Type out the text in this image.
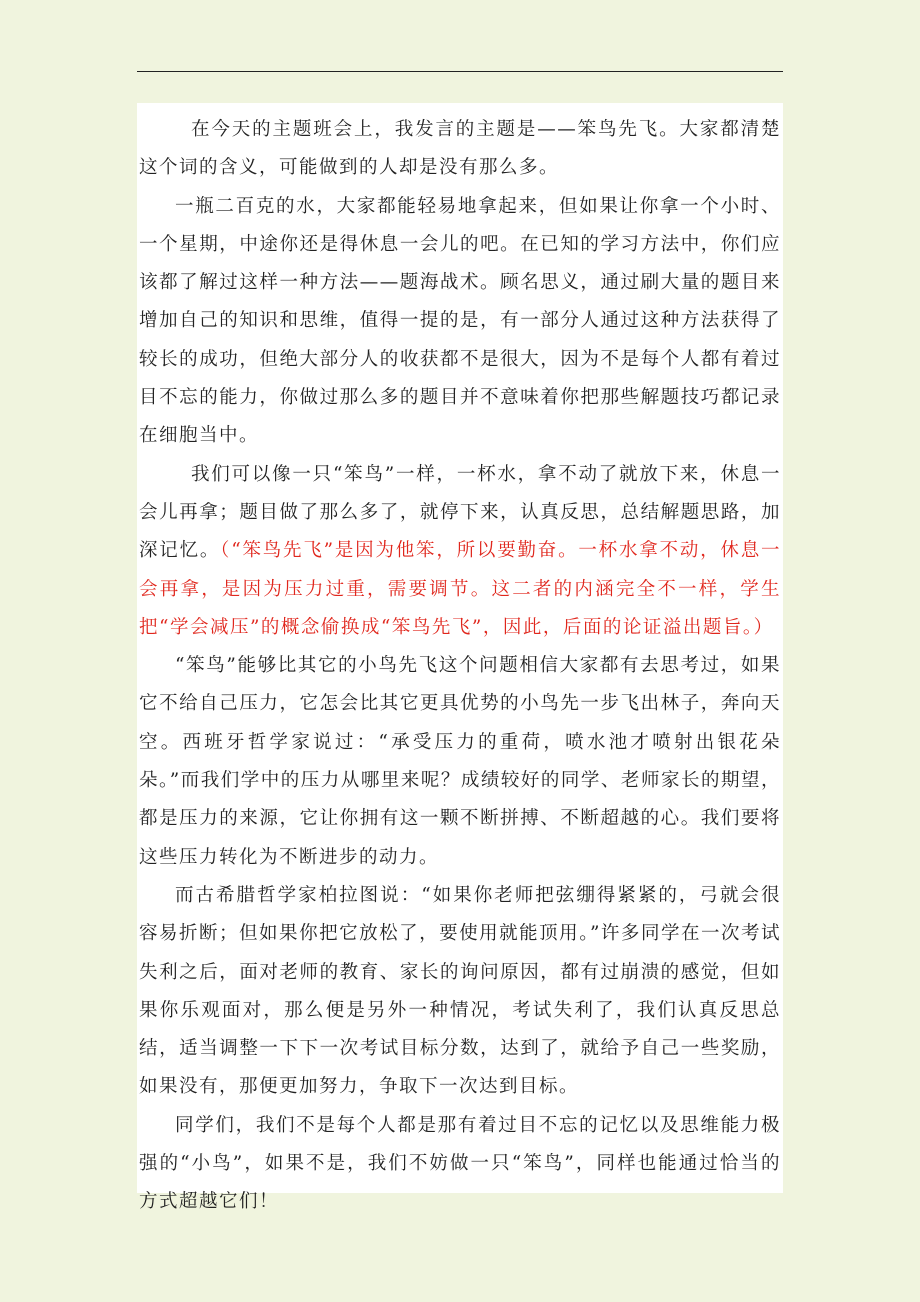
在今天的主题班会上，我发言的主题是——笨鸟先飞。大家都清楚这个词的含义，可能做到的人却是没有那么多。

一瓶二百克的水，大家都能轻易地拿起来，但如果让你拿一个小时、一个星期，中途你还是得休息一会儿的吧。在已知的学习方法中，你们应该都了解过这样一种方法——题海战术。顾名思义，通过刷大量的题目来增加自己的知识和思维，值得一提的是，有一部分人通过这种方法获得了较长的成功，但绝大部分人的收获都不是很大，因为不是每个人都有着过目不忘的能力，你做过那么多的题目并不意味着你把那些解题技巧都记录在细胞当中。

我们可以像一只“笨鸟”一样，一杯水，拿不动了就放下来，休息一会儿再拿；题目做了那么多了，就停下来，认真反思，总结解题思路，加深记忆。（“笨鸟先飞”是因为他笨，所以要勤奋。一杯水拿不动，休息一会再拿，是因为压力过重，需要调节。这二者的内涵完全不一样，学生把“学会减压”的概念偷换成“笨鸟先飞”，因此，后面的论证溢出题旨。）

“笨鸟”能够比其它的小鸟先飞这个问题相信大家都有去思考过，如果它不给自己压力，它怎会比其它更具优势的小鸟先一步飞出林子，奔向天空。西班牙哲学家说过：“承受压力的重荷，喷水池才喷射出银花朵朵。”而我们学中的压力从哪里来呢？成绩较好的同学、老师家长的期望，都是压力的来源，它让你拥有这一颗不断拼搏、不断超越的心。我们要将这些压力转化为不断进步的动力。

而古希腊哲学家柏拉图说：“如果你老师把弦绷得紧紧的，弓就会很容易折断；但如果你把它放松了，要使用就能顶用。”许多同学在一次考试失利之后，面对老师的教育、家长的询问原因，都有过崩溃的感觉，但如果你乐观面对，那么便是另外一种情况，考试失利了，我们认真反思总结，适当调整一下下一次考试目标分数，达到了，就给予自己一些奖励，如果没有，那便更加努力，争取下一次达到目标。

同学们，我们不是每个人都是那有着过目不忘的记忆以及思维能力极强的“小鸟”，如果不是，我们不妨做一只“笨鸟”，同样也能通过恰当的方式超越它们！
